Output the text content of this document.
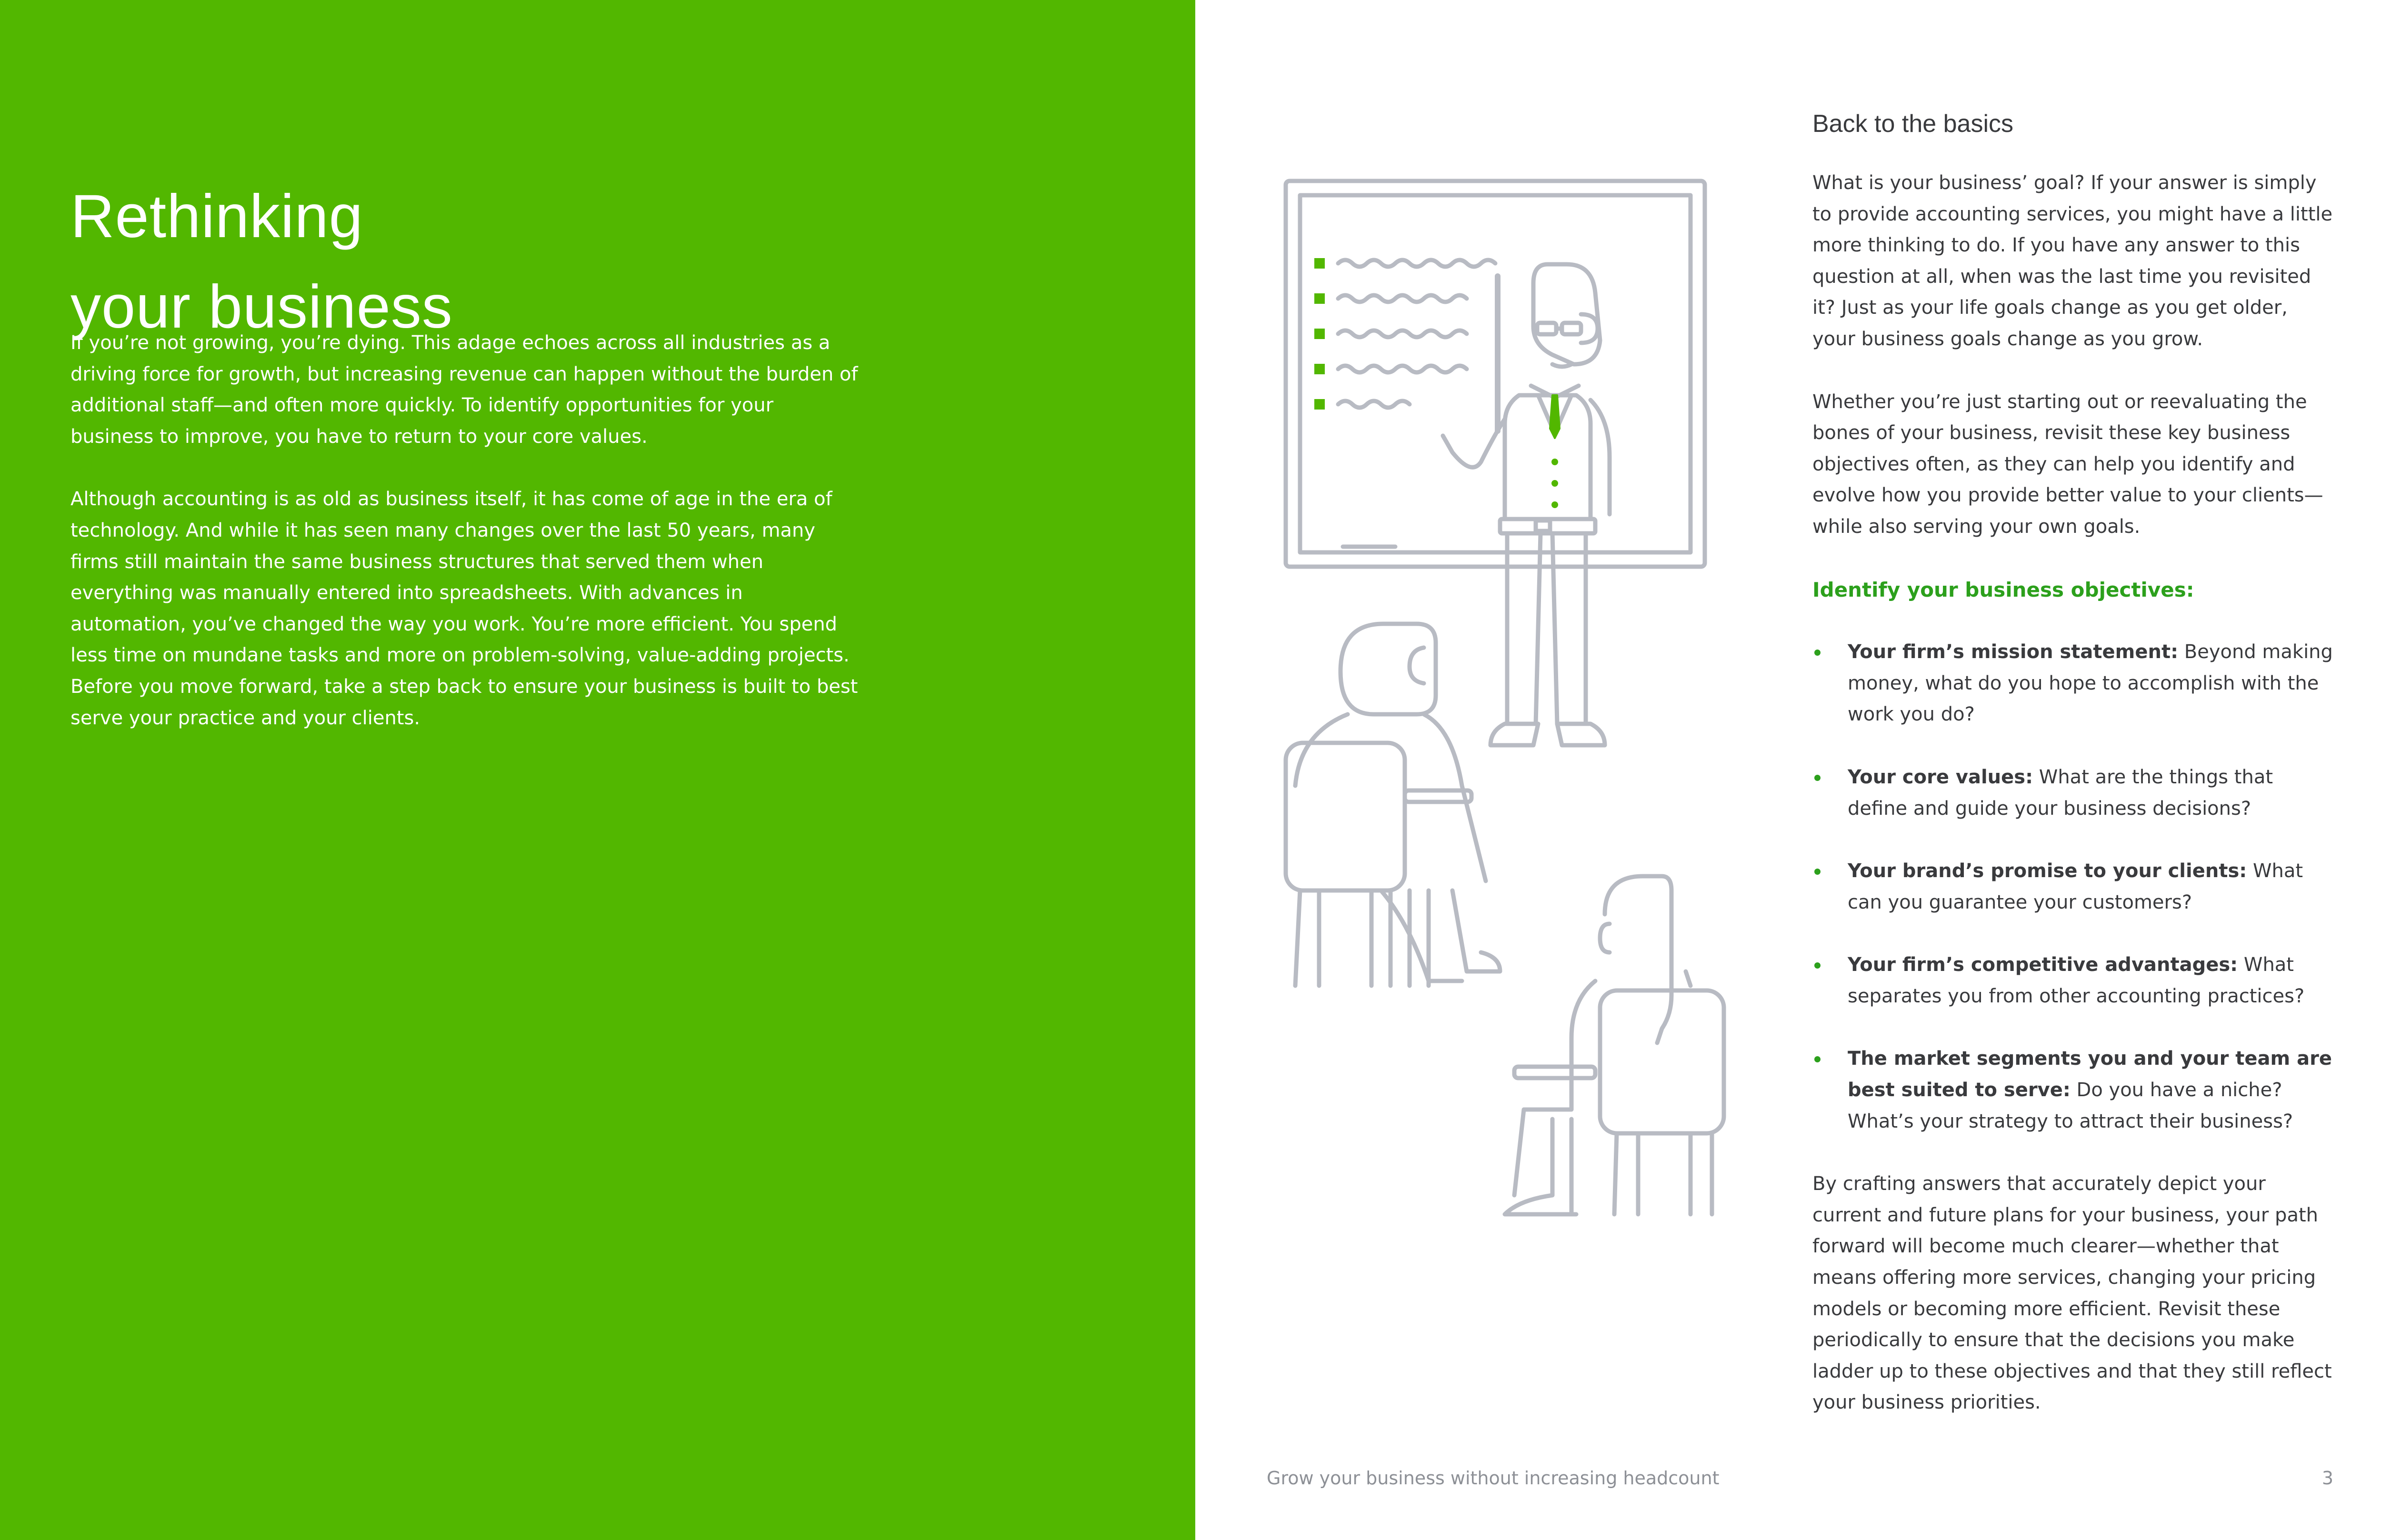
Rethinking
your business

If you’re not growing, you’re dying. This adage echoes across all industries as a driving force for growth, but increasing revenue can happen without the burden of additional staff—and often more quickly. To identify opportunities for your business to improve, you have to return to your core values.

Although accounting is as old as business itself, it has come of age in the era of technology. And while it has seen many changes over the last 50 years, many firms still maintain the same business structures that served them when everything was manually entered into spreadsheets. With advances in automation, you’ve changed the way you work. You’re more efficient. You spend less time on mundane tasks and more on problem-solving, value-adding projects. Before you move forward, take a step back to ensure your business is built to best serve your practice and your clients.

Back to the basics

What is your business’ goal? If your answer is simply to provide accounting services, you might have a little more thinking to do. If you have any answer to this question at all, when was the last time you revisited it? Just as your life goals change as you get older, your business goals change as you grow.

Whether you’re just starting out or reevaluating the bones of your business, revisit these key business objectives often, as they can help you identify and evolve how you provide better value to your clients—while also serving your own goals.

Identify your business objectives:
Your firm’s mission statement: Beyond making money, what do you hope to accomplish with the work you do?
Your core values: What are the things that define and guide your business decisions?
Your brand’s promise to your clients: What can you guarantee your customers?
Your firm’s competitive advantages: What separates you from other accounting practices?
The market segments you and your team are best suited to serve: Do you have a niche? What’s your strategy to attract their business?

By crafting answers that accurately depict your current and future plans for your business, your path forward will become much clearer—whether that means offering more services, changing your pricing models or becoming more efficient. Revisit these periodically to ensure that the decisions you make ladder up to these objectives and that they still reflect your business priorities.

Grow your business without increasing headcount	3
